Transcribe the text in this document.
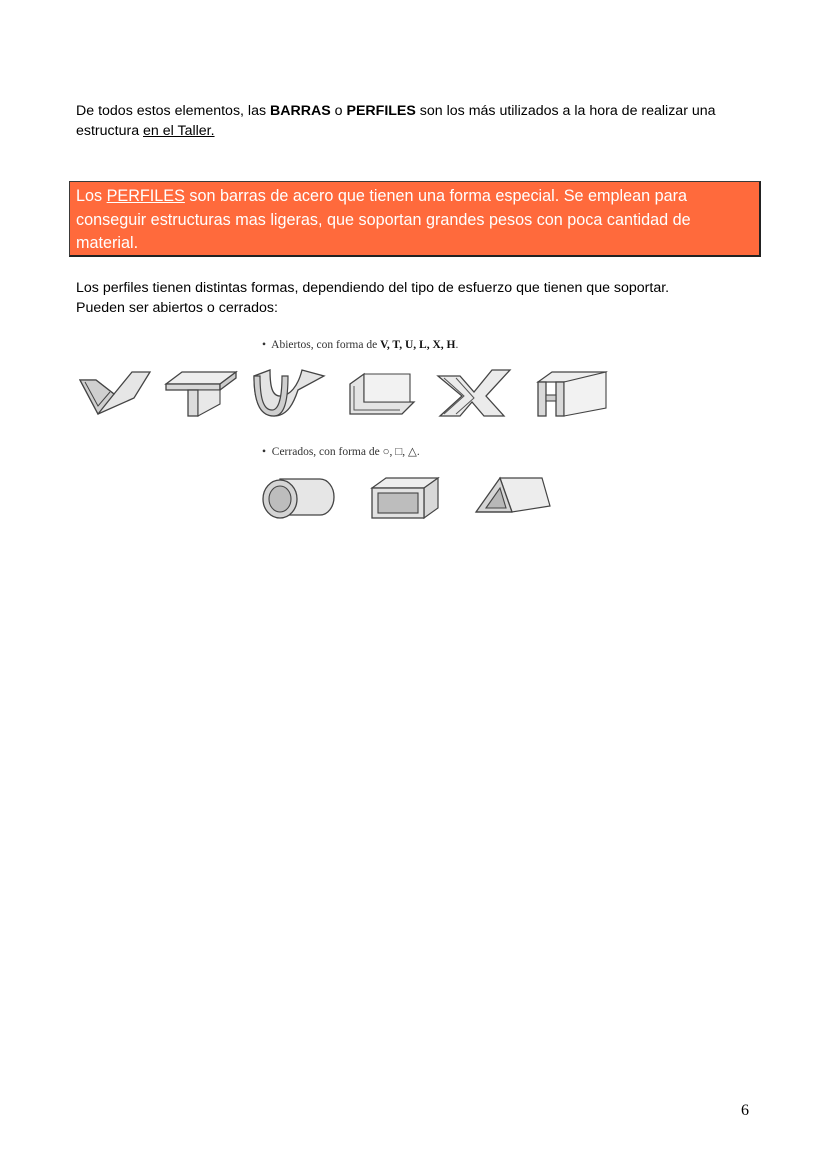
De todos estos elementos, las BARRAS o PERFILES son los más utilizados a la hora de realizar una estructura en el Taller.
Los PERFILES son barras de acero que tienen una forma especial. Se emplean para conseguir estructuras mas ligeras, que soportan grandes pesos con poca cantidad de material.
Los perfiles tienen distintas formas, dependiendo del tipo de esfuerzo que tienen que soportar.
Pueden ser abiertos o cerrados:
• Abiertos, con forma de V, T, U, L, X, H.
• Cerrados, con forma de ○, □, △.
6
